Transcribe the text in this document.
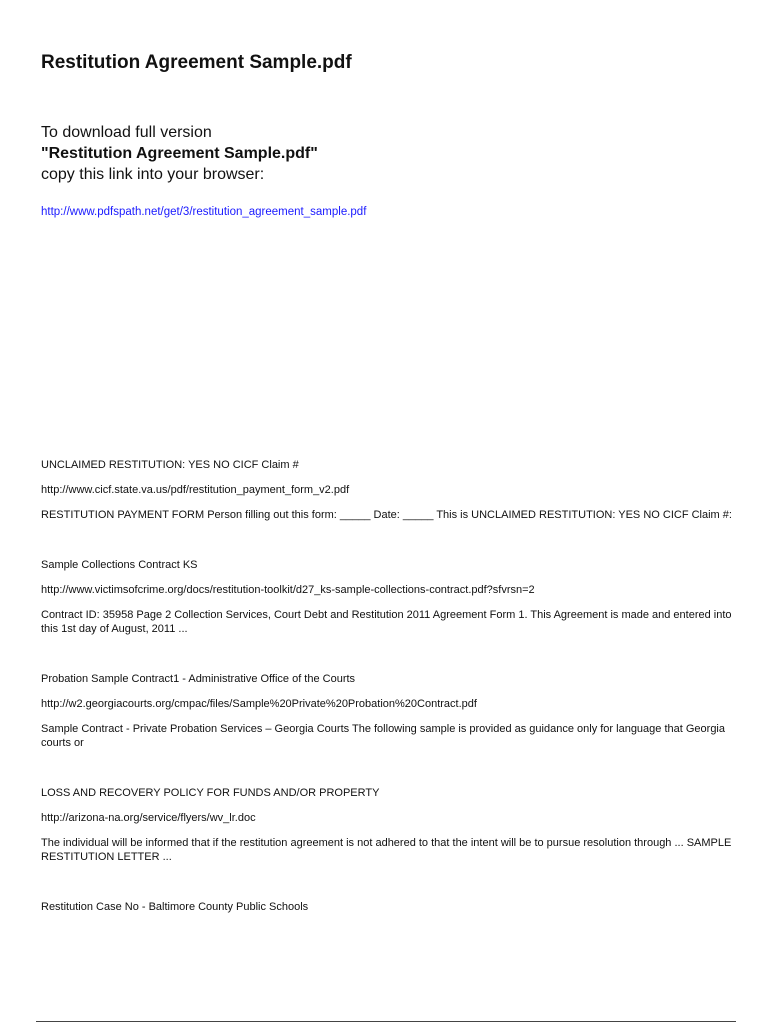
Restitution Agreement Sample.pdf
To download full version
"Restitution Agreement Sample.pdf"
copy this link into your browser:
http://www.pdfspath.net/get/3/restitution_agreement_sample.pdf
UNCLAIMED RESTITUTION: YES NO CICF Claim #
http://www.cicf.state.va.us/pdf/restitution_payment_form_v2.pdf
RESTITUTION PAYMENT FORM Person filling out this form: _____ Date: _____ This is UNCLAIMED RESTITUTION: YES NO CICF Claim #:
Sample Collections Contract KS
http://www.victimsofcrime.org/docs/restitution-toolkit/d27_ks-sample-collections-contract.pdf?sfvrsn=2
Contract ID: 35958 Page 2 Collection Services, Court Debt and Restitution 2011 Agreement Form 1. This Agreement is made and entered into this 1st day of August, 2011 ...
Probation Sample Contract1 - Administrative Office of the Courts
http://w2.georgiacourts.org/cmpac/files/Sample%20Private%20Probation%20Contract.pdf
Sample Contract - Private Probation Services – Georgia Courts The following sample is provided as guidance only for language that Georgia courts or
LOSS AND RECOVERY POLICY FOR FUNDS AND/OR PROPERTY
http://arizona-na.org/service/flyers/wv_lr.doc
The individual will be informed that if the restitution agreement is not adhered to that the intent will be to pursue resolution through ... SAMPLE RESTITUTION LETTER ...
Restitution Case No - Baltimore County Public Schools
